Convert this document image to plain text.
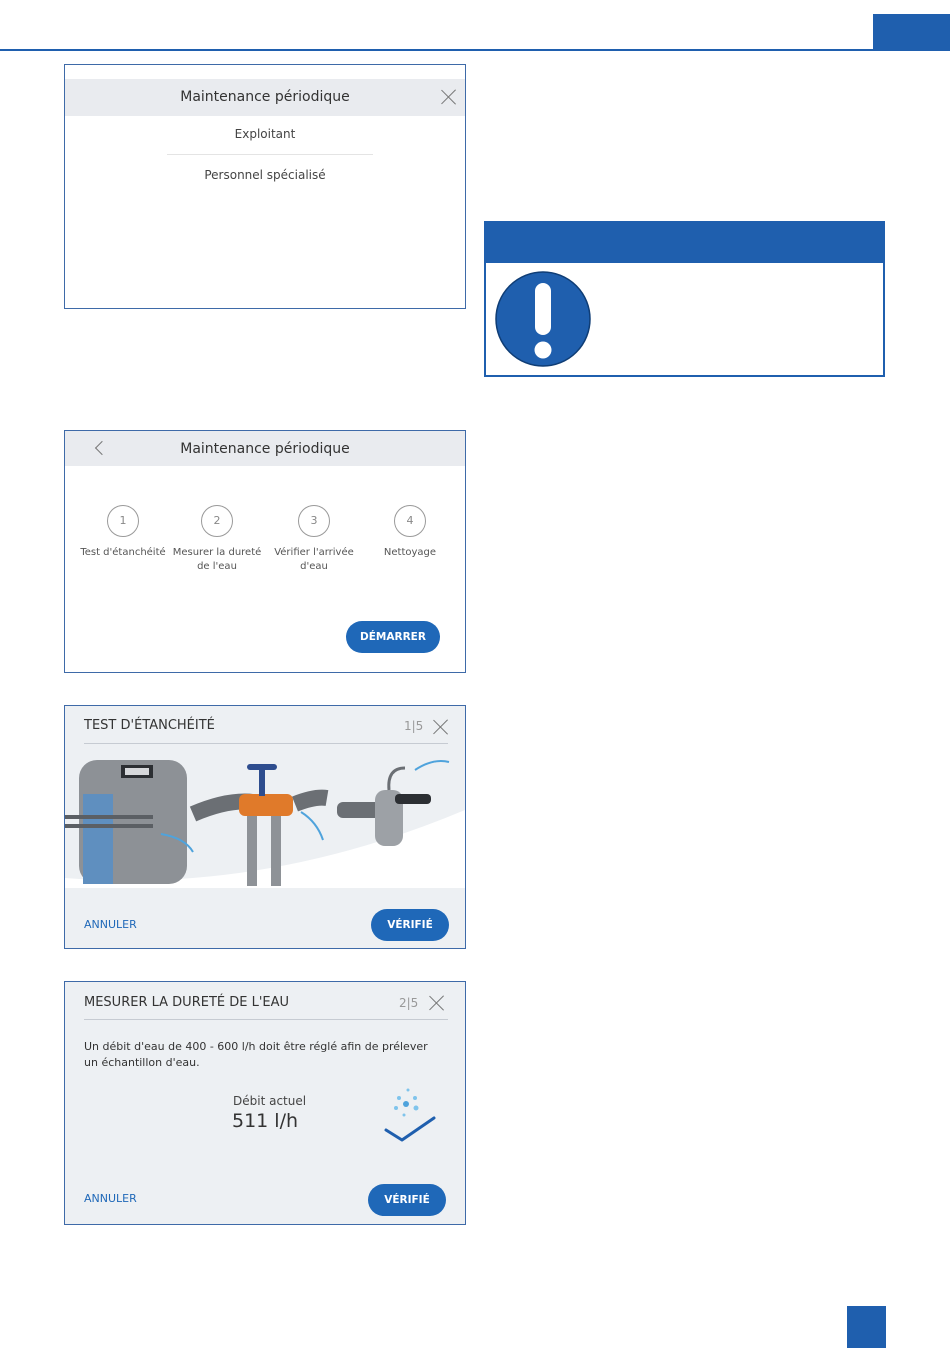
Maintenance périodique
Exploitant
Personnel spécialisé
Maintenance périodique
1
Test d'étanchéité
2
Mesurer la dureté de l'eau
3
Vérifier l'arrivée d'eau
4
Nettoyage
DÉMARRER
TEST D'ÉTANCHÉITÉ	1|5
ANNULER	VÉRIFIÉ
MESURER LA DURETÉ DE L'EAU	2|5
Un débit d'eau de 400 - 600 l/h doit être réglé afin de prélever un échantillon d'eau.
Débit actuel
511 l/h
ANNULER	VÉRIFIÉ
